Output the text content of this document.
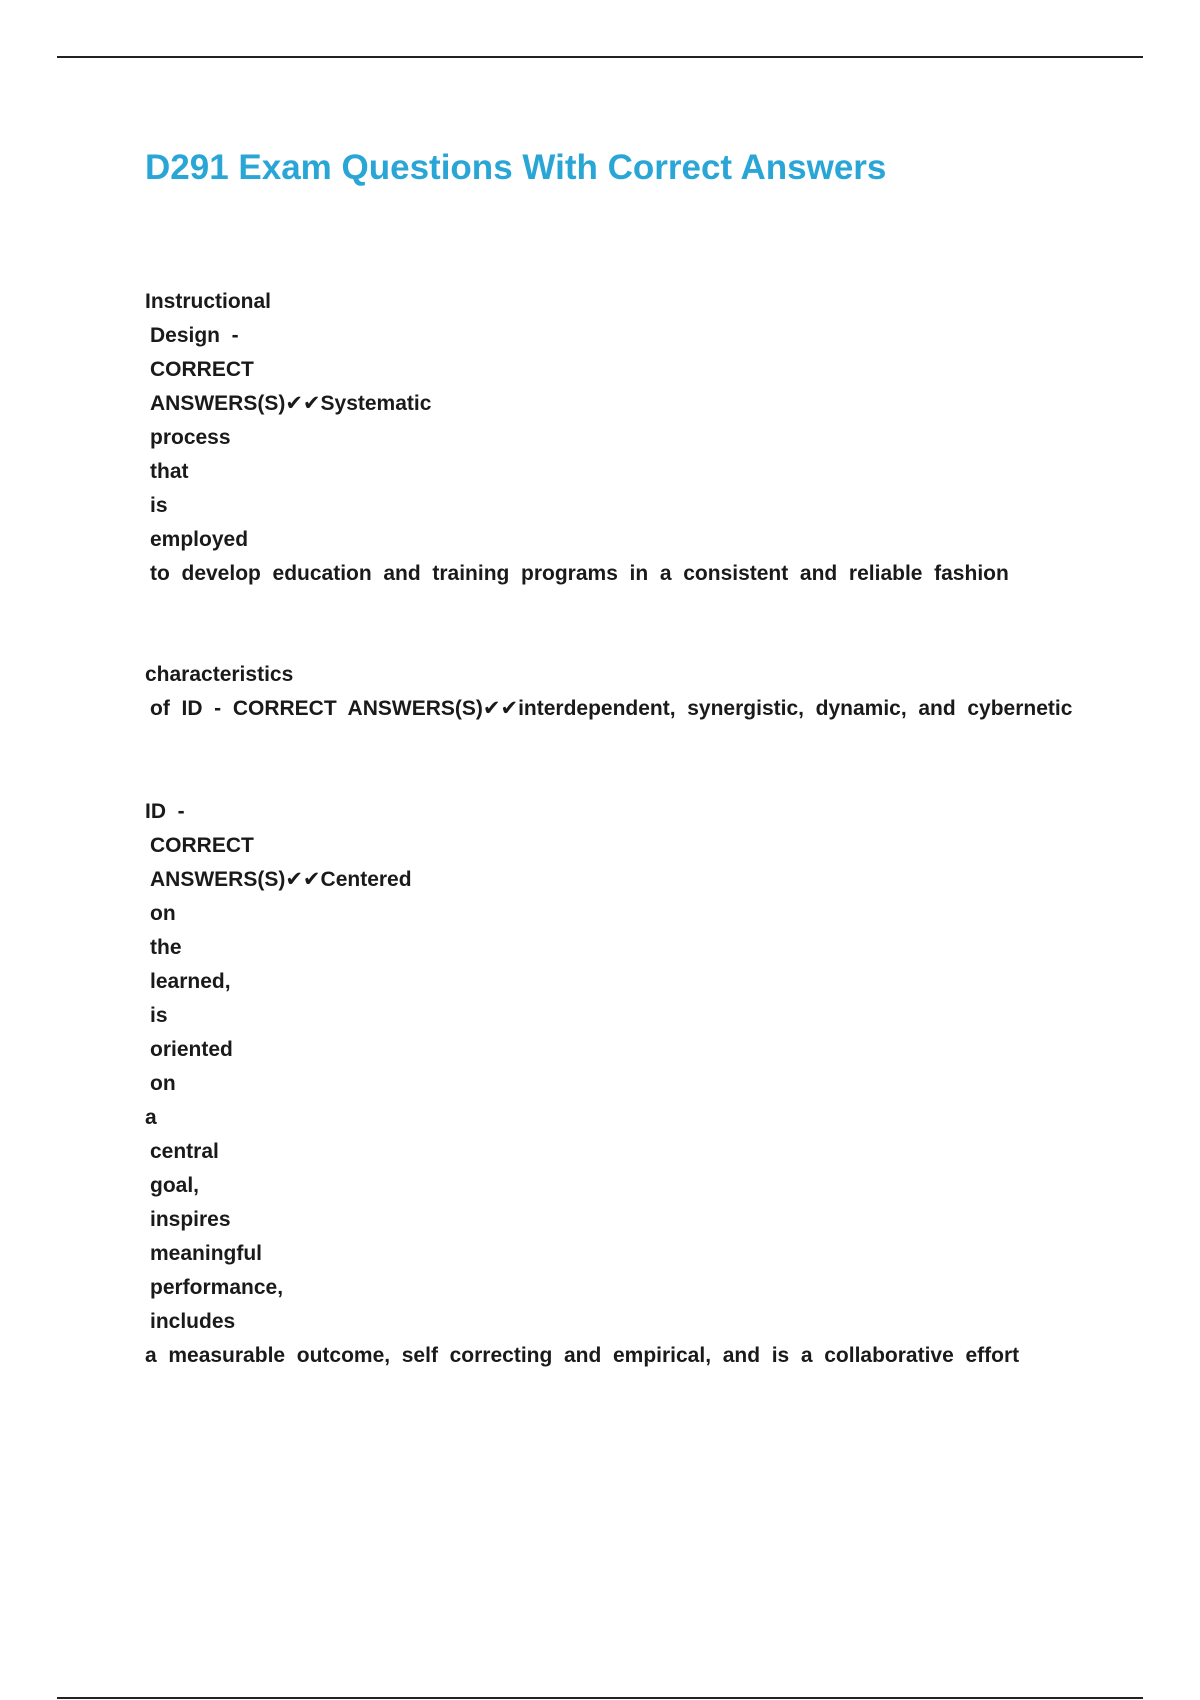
D291 Exam Questions With Correct Answers
Instructional
Design  -
CORRECT
ANSWERS(S)✔✔Systematic
process
that
is
employed
to  develop  education  and  training  programs  in  a  consistent  and  reliable  fashion
characteristics
of  ID  -  CORRECT  ANSWERS(S)✔✔interdependent,  synergistic,  dynamic,  and  cybernetic
ID  -
CORRECT
ANSWERS(S)✔✔Centered
on
the
learned,
is
oriented
on
a
central
goal,
inspires
meaningful
performance,
includes
a  measurable  outcome,  self  correcting  and  empirical,  and  is  a  collaborative  effort
